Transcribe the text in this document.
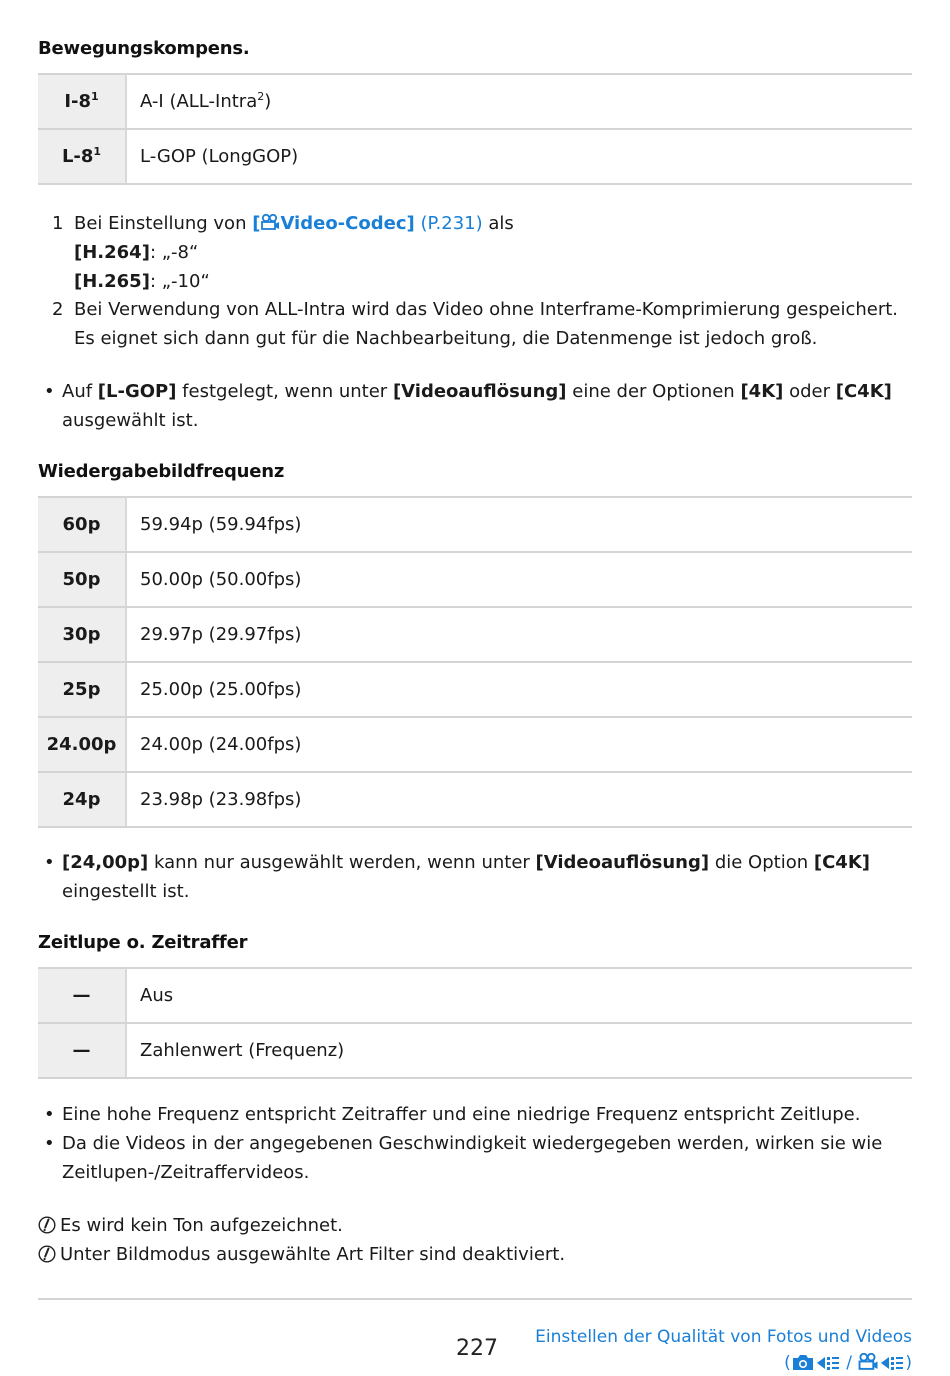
Bewegungskompens.
$I-8^1$	A-I (ALL-Intra$^2$)
$L-8^1$	L-GOP (LongGOP)
1 Bei Einstellung von [ Video-Codec] (P.231) als
[H.264]: „-8“
[H.265]: „-10“
2 Bei Verwendung von ALL-Intra wird das Video ohne Interframe-Komprimierung gespeichert. Es eignet sich dann gut für die Nachbearbeitung, die Datenmenge ist jedoch groß.
• Auf [L-GOP] festgelegt, wenn unter [Videoauflösung] eine der Optionen [4K] oder [C4K] ausgewählt ist.
Wiedergabebildfrequenz
60p	59.94p (59.94fps)
50p	50.00p (50.00fps)
30p	29.97p (29.97fps)
25p	25.00p (25.00fps)
24.00p	24.00p (24.00fps)
24p	23.98p (23.98fps)
• [24,00p] kann nur ausgewählt werden, wenn unter [Videoauflösung] die Option [C4K] eingestellt ist.
Zeitlupe o. Zeitraffer
—	Aus
—	Zahlenwert (Frequenz)
• Eine hohe Frequenz entspricht Zeitraffer und eine niedrige Frequenz entspricht Zeitlupe.
• Da die Videos in der angegebenen Geschwindigkeit wiedergegeben werden, wirken sie wie Zeitlupen-/Zeitraffervideos.
Es wird kein Ton aufgezeichnet.
Unter Bildmodus ausgewählte Art Filter sind deaktiviert.
227 Einstellen der Qualität von Fotos und Videos
(	/	)
